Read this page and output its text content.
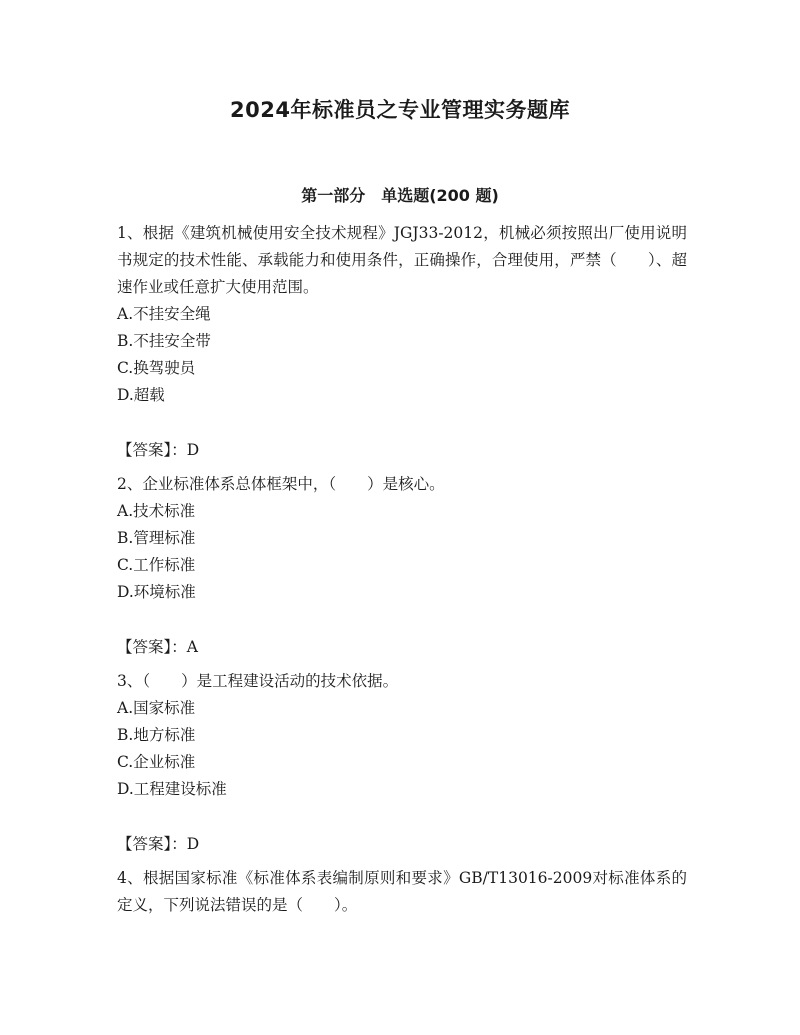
2024年标准员之专业管理实务题库
第一部分　单选题(200 题)

1、根据《建筑机械使用安全技术规程》JGJ33-2012，机械必须按照出厂使用说明书规定的技术性能、承载能力和使用条件，正确操作，合理使用，严禁（　　）、超速作业或任意扩大使用范围。

A.不挂安全绳
B.不挂安全带
C.换驾驶员
D.超载

【答案】：D

2、企业标准体系总体框架中，（　　）是核心。

A.技术标准
B.管理标准
C.工作标准
D.环境标准

【答案】：A

3、（　　）是工程建设活动的技术依据。

A.国家标准
B.地方标准
C.企业标准
D.工程建设标准

【答案】：D

4、根据国家标准《标准体系表编制原则和要求》GB/T13016-2009对标准体系的定义，下列说法错误的是（　　）。
